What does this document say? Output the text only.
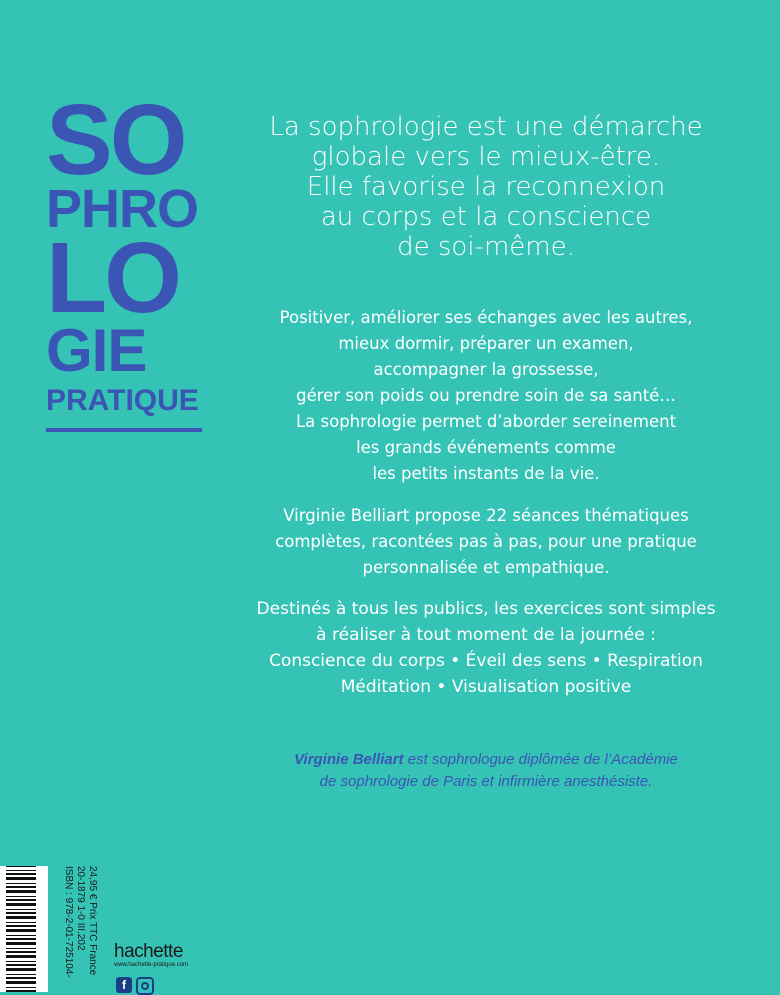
SO
PHRO
LO
GIE
PRATIQUE
La sophrologie est une démarche
globale vers le mieux-être.
Elle favorise la reconnexion
au corps et la conscience
de soi-même.
Positiver, améliorer ses échanges avec les autres,
mieux dormir, préparer un examen,
accompagner la grossesse,
gérer son poids ou prendre soin de sa santé…
La sophrologie permet d’aborder sereinement
les grands événements comme
les petits instants de la vie.
Virginie Belliart propose 22 séances thématiques
complètes, racontées pas à pas, pour une pratique
personnalisée et empathique.
Destinés à tous les publics, les exercices sont simples
à réaliser à tout moment de la journée :
Conscience du corps • Éveil des sens • Respiration
Méditation • Visualisation positive
Virginie Belliart est sophrologue diplômée de l’Académie
de sophrologie de Paris et infirmière anesthésiste.
24,95 € Prix TTC France
20-1879 1-0 III.202
ISBN : 978-2-01-725104- hachette
www.hachette-pratique.com
f
